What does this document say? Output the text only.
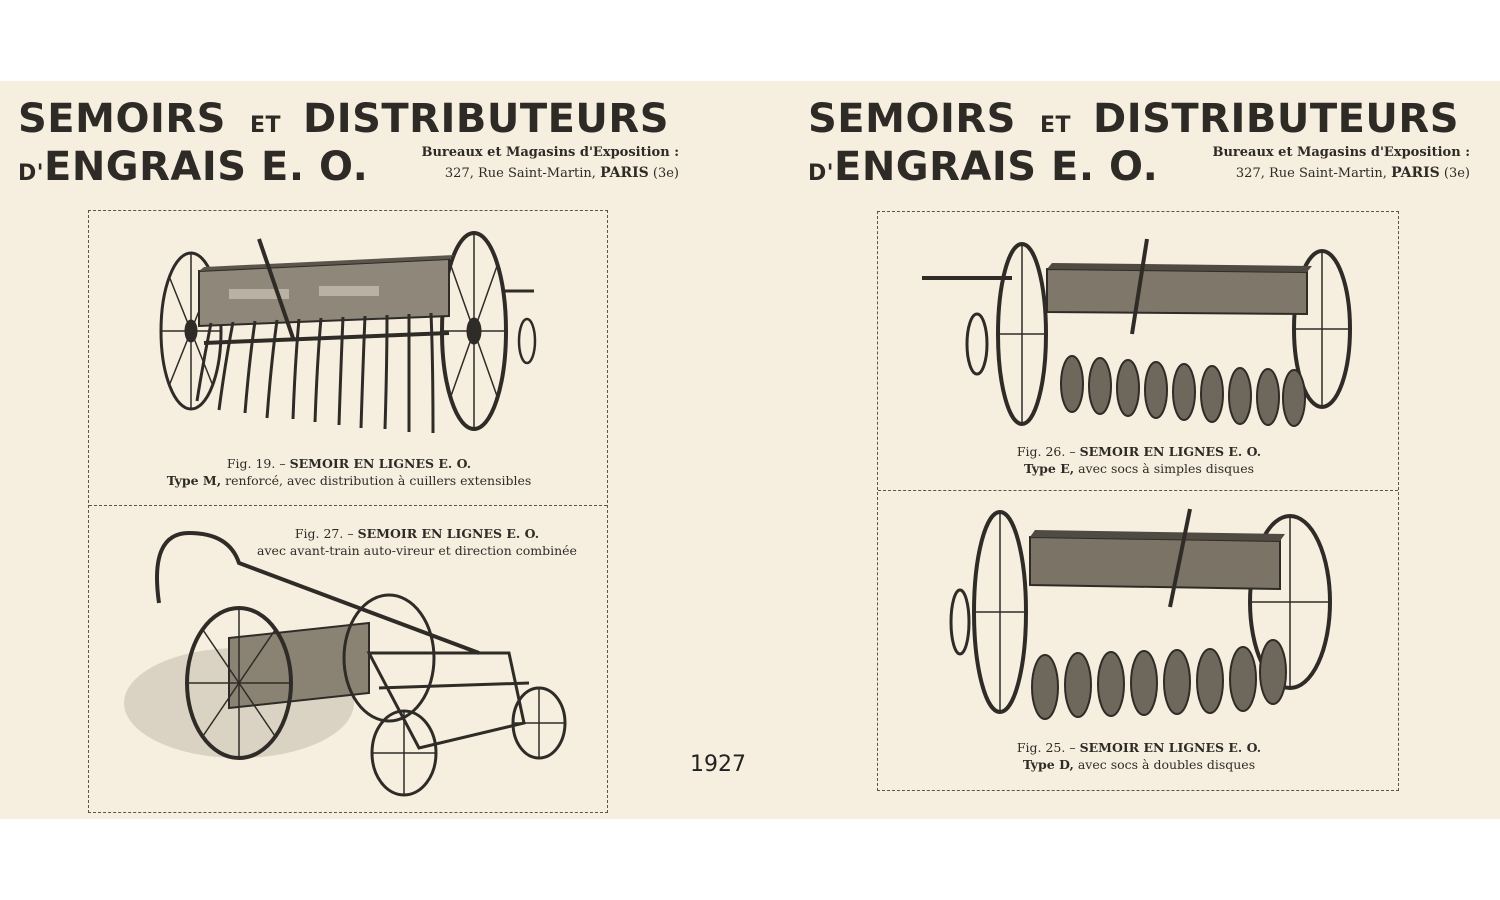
SEMOIRS ET DISTRIBUTEURS
D'ENGRAIS E. O.	Bureaux et Magasins d'Exposition :
327, Rue Saint-Martin, PARIS (3e)
Fig. 19. – SEMOIR EN LIGNES E. O.
Type M, renforcé, avec distribution à cuillers extensibles
Fig. 27. – SEMOIR EN LIGNES E. O.
avec avant-train auto-vireur et direction combinée
SEMOIRS ET DISTRIBUTEURS
D'ENGRAIS E. O.	Bureaux et Magasins d'Exposition :
327, Rue Saint-Martin, PARIS (3e)
Fig. 26. – SEMOIR EN LIGNES E. O.
Type E, avec socs à simples disques
Fig. 25. – SEMOIR EN LIGNES E. O.
Type D, avec socs à doubles disques
1927
